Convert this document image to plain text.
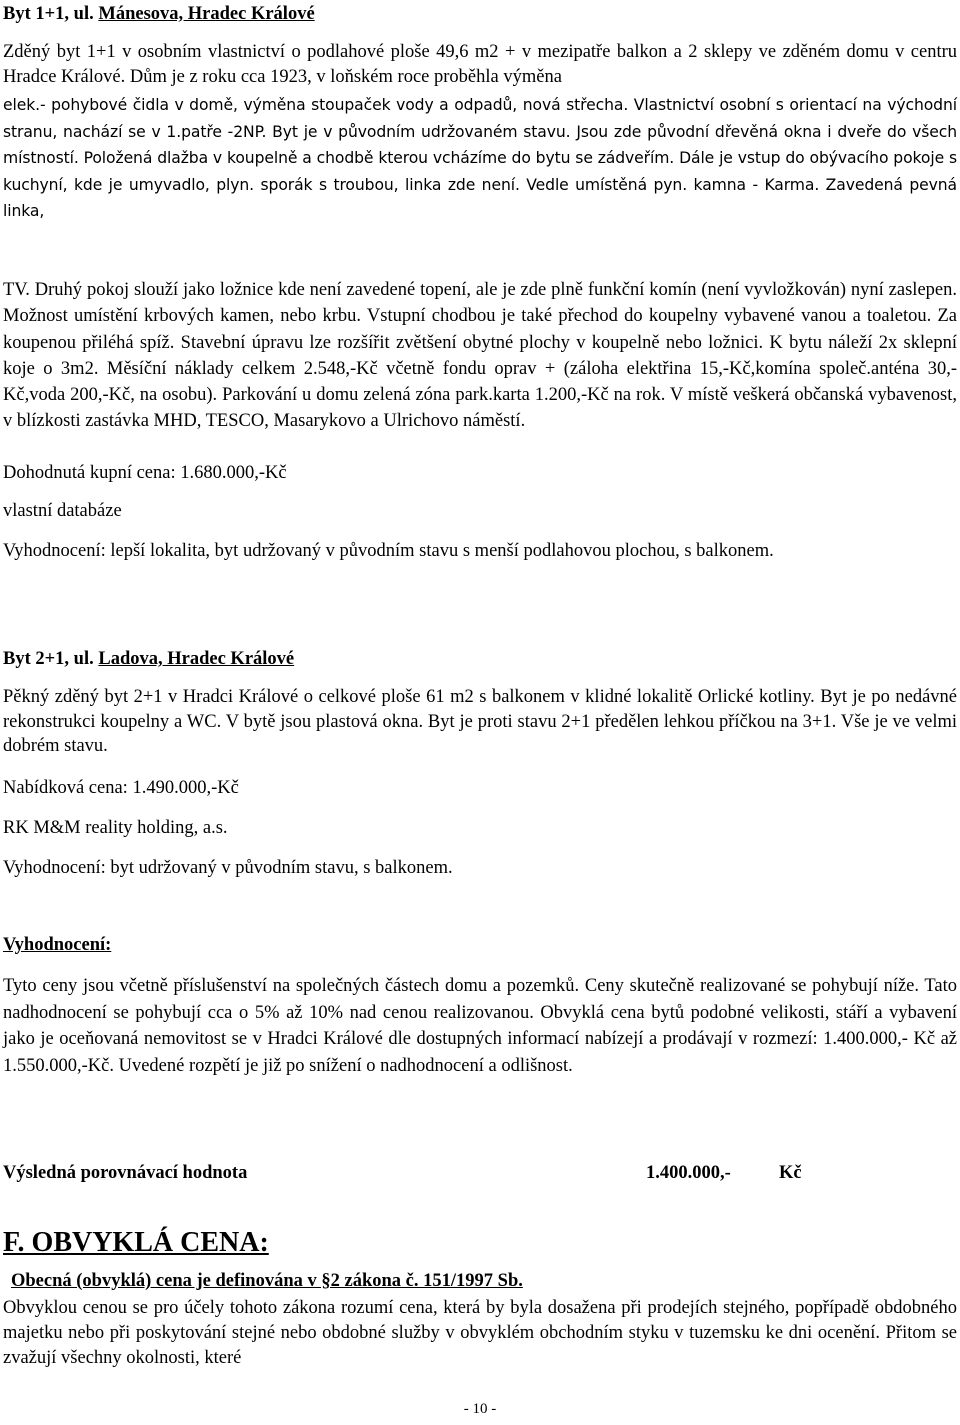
Byt 1+1, ul. Mánesova, Hradec Králové

Zděný byt 1+1 v osobním vlastnictví o podlahové ploše 49,6 m2 + v mezipatře balkon a 2 sklepy ve zděném domu v centru Hradce Králové. Dům je z roku cca 1923, v loňském roce proběhla výměna

elek.- pohybové čidla v domě, výměna stoupaček vody a odpadů, nová střecha. Vlastnictví osobní s orientací na východní stranu, nachází se v 1.patře -2NP. Byt je v původním udržovaném stavu. Jsou zde původní dřevěná okna i dveře do všech místností. Položená dlažba v koupelně a chodbě kterou vcházíme do bytu se zádveřím. Dále je vstup do obývacího pokoje s kuchyní, kde je umyvadlo, plyn. sporák s troubou, linka zde není. Vedle umístěná pyn. kamna - Karma. Zavedená pevná linka,

TV. Druhý pokoj slouží jako ložnice kde není zavedené topení, ale je zde plně funkční komín (není vyvložkován) nyní zaslepen. Možnost umístění krbových kamen, nebo krbu. Vstupní chodbou je také přechod do koupelny vybavené vanou a toaletou. Za koupenou přiléhá spíž. Stavební úpravu lze rozšířit zvětšení obytné plochy v koupelně nebo ložnici. K bytu náleží 2x sklepní koje o 3m2. Měsíční náklady celkem 2.548,-Kč včetně fondu oprav + (záloha elektřina 15,-Kč,komína společ.anténa 30,-Kč,voda 200,-Kč, na osobu). Parkování u domu zelená zóna park.karta 1.200,-Kč na rok. V místě veškerá občanská vybavenost, v blízkosti zastávka MHD, TESCO, Masarykovo a Ulrichovo náměstí.

Dohodnutá kupní cena: 1.680.000,-Kč

vlastní databáze

Vyhodnocení: lepší lokalita, byt udržovaný v původním stavu s menší podlahovou plochou, s balkonem.

Byt 2+1, ul. Ladova, Hradec Králové

Pěkný zděný byt 2+1 v Hradci Králové o celkové ploše 61 m2 s balkonem v klidné lokalitě Orlické kotliny. Byt je po nedávné rekonstrukci koupelny a WC. V bytě jsou plastová okna. Byt je proti stavu 2+1 předělen lehkou příčkou na 3+1. Vše je ve velmi dobrém stavu.

Nabídková cena: 1.490.000,-Kč

RK M&M reality holding, a.s.

Vyhodnocení: byt udržovaný v původním stavu, s balkonem.

Vyhodnocení:

Tyto ceny jsou včetně příslušenství na společných částech domu a pozemků. Ceny skutečně realizované se pohybují níže. Tato nadhodnocení se pohybují cca o 5% až 10% nad cenou realizovanou. Obvyklá cena bytů podobné velikosti, stáří a vybavení jako je oceňovaná nemovitost se v Hradci Králové dle dostupných informací nabízejí a prodávají v rozmezí: 1.400.000,- Kč až 1.550.000,-Kč. Uvedené rozpětí je již po snížení o nadhodnocení a odlišnost.

Výsledná porovnávací hodnota	1.400.000,-	Kč

F. OBVYKLÁ CENA:

Obecná (obvyklá) cena je definována v §2 zákona č. 151/1997 Sb.

Obvyklou cenou se pro účely tohoto zákona rozumí cena, která by byla dosažena při prodejích stejného, popřípadě obdobného majetku nebo při poskytování stejné nebo obdobné služby v obvyklém obchodním styku v tuzemsku ke dni ocenění. Přitom se zvažují všechny okolnosti, které

- 10 -
